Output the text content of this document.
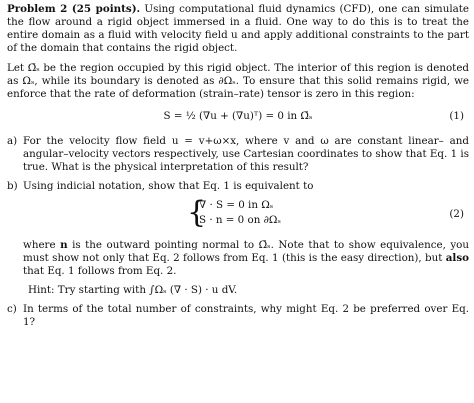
Problem 2 (25 points). Using computational fluid dynamics (CFD), one can simulate the flow around a rigid object immersed in a fluid. One way to do this is to treat the entire domain as a fluid with velocity field u and apply additional constraints to the part of the domain that contains the rigid object.

Let Ω̄ₛ be the region occupied by this rigid object. The interior of this region is denoted as Ωₛ, while its boundary is denoted as ∂Ωₛ. To ensure that this solid remains rigid, we enforce that the rate of deformation (strain–rate) tensor is zero in this region:

S = ½ (∇u + (∇u)ᵀ) = 0 in Ω̄ₛ	(1)
a) For the velocity flow field u = v+ω×x, where v and ω are constant linear– and angular–velocity vectors respectively, use Cartesian coordinates to show that Eq. 1 is true. What is the physical interpretation of this result?
b) Using indicial notation, show that Eq. 1 is equivalent to
{
∇ · S = 0 in Ωₛ
S · n = 0 on ∂Ωₛ	(2)
where n is the outward pointing normal to Ω̄ₛ. Note that to show equivalence, you must show not only that Eq. 2 follows from Eq. 1 (this is the easy direction), but also that Eq. 1 follows from Eq. 2.

Hint: Try starting with ∫Ωₛ (∇ · S) · u dV.

c) In terms of the total number of constraints, why might Eq. 2 be preferred over Eq. 1?
